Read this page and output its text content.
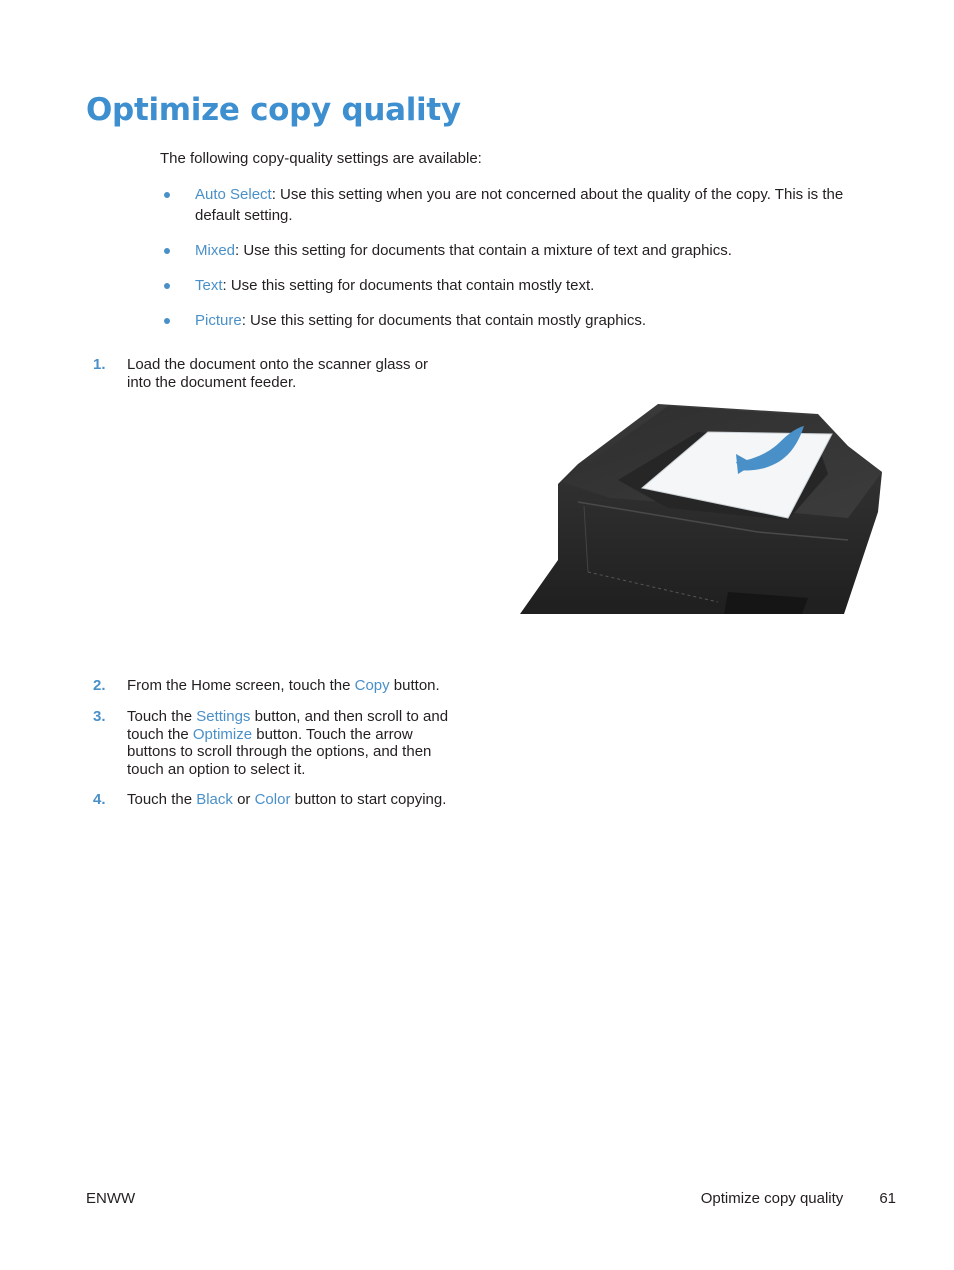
Optimize copy quality

The following copy-quality settings are available:

Auto Select: Use this setting when you are not concerned about the quality of the copy. This is the default setting.
Mixed: Use this setting for documents that contain a mixture of text and graphics.
Text: Use this setting for documents that contain mostly text.
Picture: Use this setting for documents that contain mostly graphics.
1. Load the document onto the scanner glass or into the document feeder.
2. From the Home screen, touch the Copy button.
3. Touch the Settings button, and then scroll to and touch the Optimize button. Touch the arrow buttons to scroll through the options, and then touch an option to select it.
4. Touch the Black or Color button to start copying.
ENWW	Optimize copy quality 61
